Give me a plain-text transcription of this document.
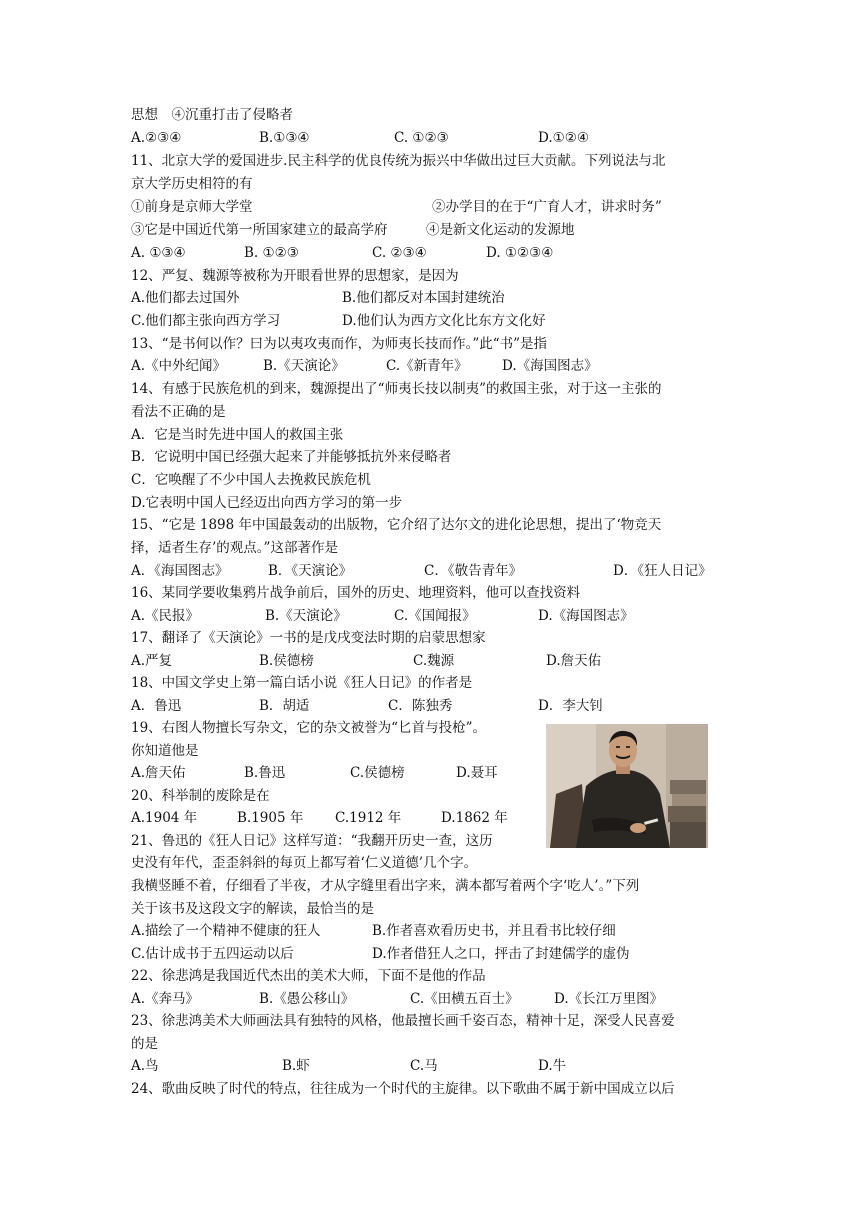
思想　④沉重打击了侵略者

A.②③④

	B.①③④

	C. ①②③

	D.①②④

11、北京大学的爱国进步.民主科学的优良传统为振兴中华做出过巨大贡献。下列说法与北
京大学历史相符的有

①前身是京师大学堂

	②办学目的在于“广育人才，讲求时务”

③它是中国近代第一所国家建立的最高学府

	④是新文化运动的发源地

A. ①③④

	B. ①②③

	C. ②③④

	D. ①②③④

12、严复、魏源等被称为开眼看世界的思想家，是因为

A.他们都去过国外

	B.他们都反对本国封建统治

C.他们都主张向西方学习

	D.他们认为西方文化比东方文化好

13、“是书何以作？曰为以夷攻夷而作，为师夷长技而作。”此“书”是指

A.《中外纪闻》

	B.《天演论》

	C.《新青年》

	D.《海国图志》

14、有感于民族危机的到来，魏源提出了“师夷长技以制夷”的救国主张，对于这一主张的
看法不正确的是
A．它是当时先进中国人的救国主张
B．它说明中国已经强大起来了并能够抵抗外来侵略者
C．它唤醒了不少中国人去挽救民族危机
D.它表明中国人已经迈出向西方学习的第一步
15、“它是 1898 年中国最轰动的出版物，它介绍了达尔文的进化论思想，提出了‘物竞天
择，适者生存’的观点。”这部著作是

A．《海国图志》

	B．《天演论》

	C．《敬告青年》

	D．《狂人日记》

16、某同学要收集鸦片战争前后，国外的历史、地理资料，他可以查找资料

A.《民报》

	B.《天演论》

	C.《国闻报》

	D.《海国图志》

17、翻译了《天演论》一书的是戊戌变法时期的启蒙思想家

A.严复

	B.侯德榜

	C.魏源

	D.詹天佑

18、中国文学史上第一篇白话小说《狂人日记》的作者是

A．鲁迅

	B．胡适

	C．陈独秀

	D．李大钊

19、右图人物擅长写杂文，它的杂文被誉为“匕首与投枪”。
你知道他是

A.詹天佑

	B.鲁迅

	C.侯德榜

	D.聂耳

20、科举制的废除是在

A.1904 年

	B.1905 年

C.1912 年

	D.1862 年

21、鲁迅的《狂人日记》这样写道：“我翻开历史一查，这历
史没有年代，歪歪斜斜的每页上都写着‘仁义道德’几个字。
我横竖睡不着，仔细看了半夜，才从字缝里看出字来，满本都写着两个字‘吃人’。”下列
关于该书及这段文字的解读，最恰当的是

A.描绘了一个精神不健康的狂人

	B.作者喜欢看历史书，并且看书比较仔细

C.估计成书于五四运动以后

	D.作者借狂人之口，抨击了封建儒学的虚伪

22、徐悲鸿是我国近代杰出的美术大师，下面不是他的作品

A.《奔马》

	B.《愚公移山》

	C.《田横五百士》

	D.《长江万里图》

23、徐悲鸿美术大师画法具有独特的风格，他最擅长画千姿百态，精神十足，深受人民喜爱
的是

A.鸟

	B.虾

	C.马

	D.牛

24、歌曲反映了时代的特点，往往成为一个时代的主旋律。以下歌曲不属于新中国成立以后
